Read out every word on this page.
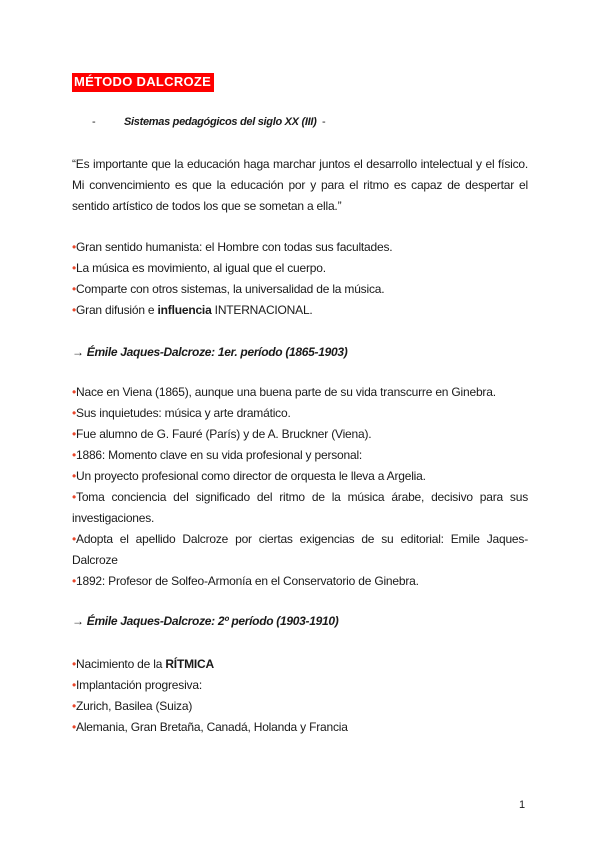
MÉTODO DALCROZE
-	Sistemas pedagógicos del siglo XX (III) -
“Es importante que la educación haga marchar juntos el desarrollo intelectual y el físico. Mi convencimiento es que la educación por y para el ritmo es capaz de despertar el sentido artístico de todos los que se sometan a ella.”
•Gran sentido humanista: el Hombre con todas sus facultades.
•La música es movimiento, al igual que el cuerpo.
•Comparte con otros sistemas, la universalidad de la música.
•Gran difusión e influencia INTERNACIONAL.
→ Émile Jaques-Dalcroze: 1er. período (1865-1903)
•Nace en Viena (1865), aunque una buena parte de su vida transcurre en Ginebra.
•Sus inquietudes: música y arte dramático.
•Fue alumno de G. Fauré (París) y de A. Bruckner (Viena).
•1886: Momento clave en su vida profesional y personal:
•Un proyecto profesional como director de orquesta le lleva a Argelia.
•Toma conciencia del significado del ritmo de la música árabe, decisivo para sus investigaciones.
•Adopta el apellido Dalcroze por ciertas exigencias de su editorial: Emile Jaques-Dalcroze
•1892: Profesor de Solfeo-Armonía en el Conservatorio de Ginebra.
→ Émile Jaques-Dalcroze: 2º período (1903-1910)
•Nacimiento de la RÍTMICA
•Implantación progresiva:
•Zurich, Basilea (Suiza)
•Alemania, Gran Bretaña, Canadá, Holanda y Francia
1
